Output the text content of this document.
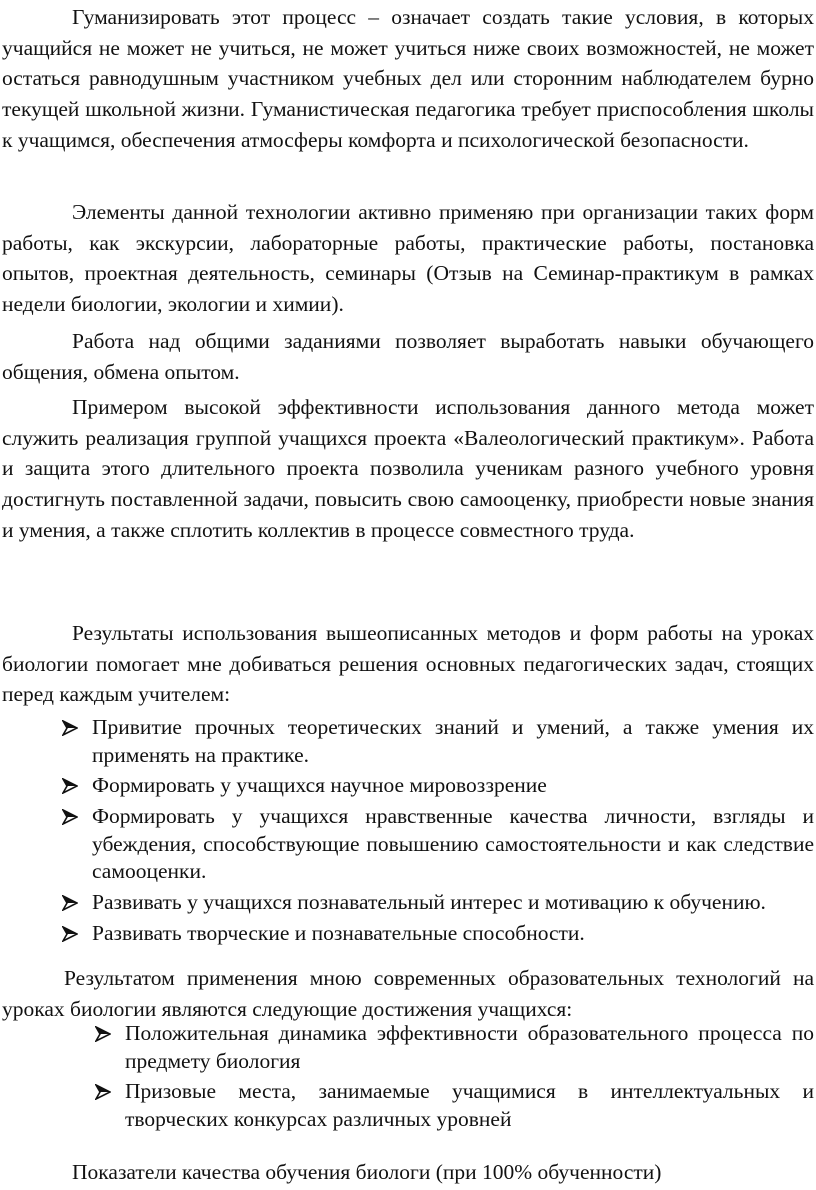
Гуманизировать этот процесс – означает создать такие условия, в которых учащийся не может не учиться, не может учиться ниже своих возможностей, не может остаться равнодушным участником учебных дел или сторонним наблюдателем бурно текущей школьной жизни. Гуманистическая педагогика требует приспособления школы к учащимся, обеспечения атмосферы комфорта и психологической безопасности.

Элементы данной технологии активно применяю при организации таких форм работы, как экскурсии, лабораторные работы, практические работы, постановка опытов, проектная деятельность, семинары (Отзыв на Семинар-практикум в рамках недели биологии, экологии и химии).

Работа над общими заданиями позволяет выработать навыки обучающего общения, обмена опытом.

Примером высокой эффективности использования данного метода может служить реализация группой учащихся проекта «Валеологический практикум». Работа и защита этого длительного проекта позволила ученикам разного учебного уровня достигнуть поставленной задачи, повысить свою самооценку, приобрести новые знания и умения, а также сплотить коллектив в процессе совместного труда.

Результаты использования вышеописанных методов и форм работы на уроках биологии помогает мне добиваться решения основных педагогических задач, стоящих перед каждым учителем:

Привитие прочных теоретических знаний и умений, а также умения их применять на практике.
Формировать у учащихся научное мировоззрение
Формировать у учащихся нравственные качества личности, взгляды и убеждения, способствующие повышению самостоятельности и как следствие самооценки.
Развивать у учащихся познавательный интерес и мотивацию к обучению.
Развивать творческие и познавательные способности.

Результатом применения мною современных образовательных технологий на уроках биологии являются следующие достижения учащихся:

Положительная динамика эффективности образовательного процесса по предмету биология
Призовые места, занимаемые учащимися в интеллектуальных и творческих конкурсах различных уровней

Показатели качества обучения биологи (при 100% обученности)
